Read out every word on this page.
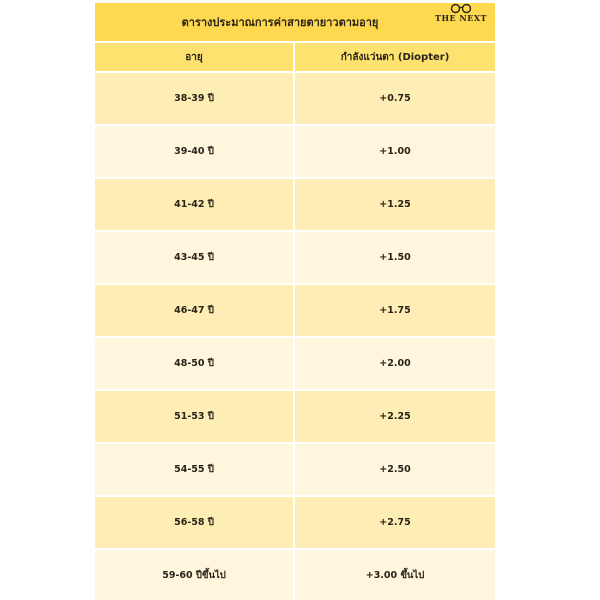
ตารางประมาณการค่าสายตายาวตามอายุ	THE NEXT
อายุ	กำลังแว่นตา (Diopter)
38-39 ปี	+0.75
39-40 ปี	+1.00
41-42 ปี	+1.25
43-45 ปี	+1.50
46-47 ปี	+1.75
48-50 ปี	+2.00
51-53 ปี	+2.25
54-55 ปี	+2.50
56-58 ปี	+2.75
59-60 ปีขึ้นไป	+3.00 ขึ้นไป
